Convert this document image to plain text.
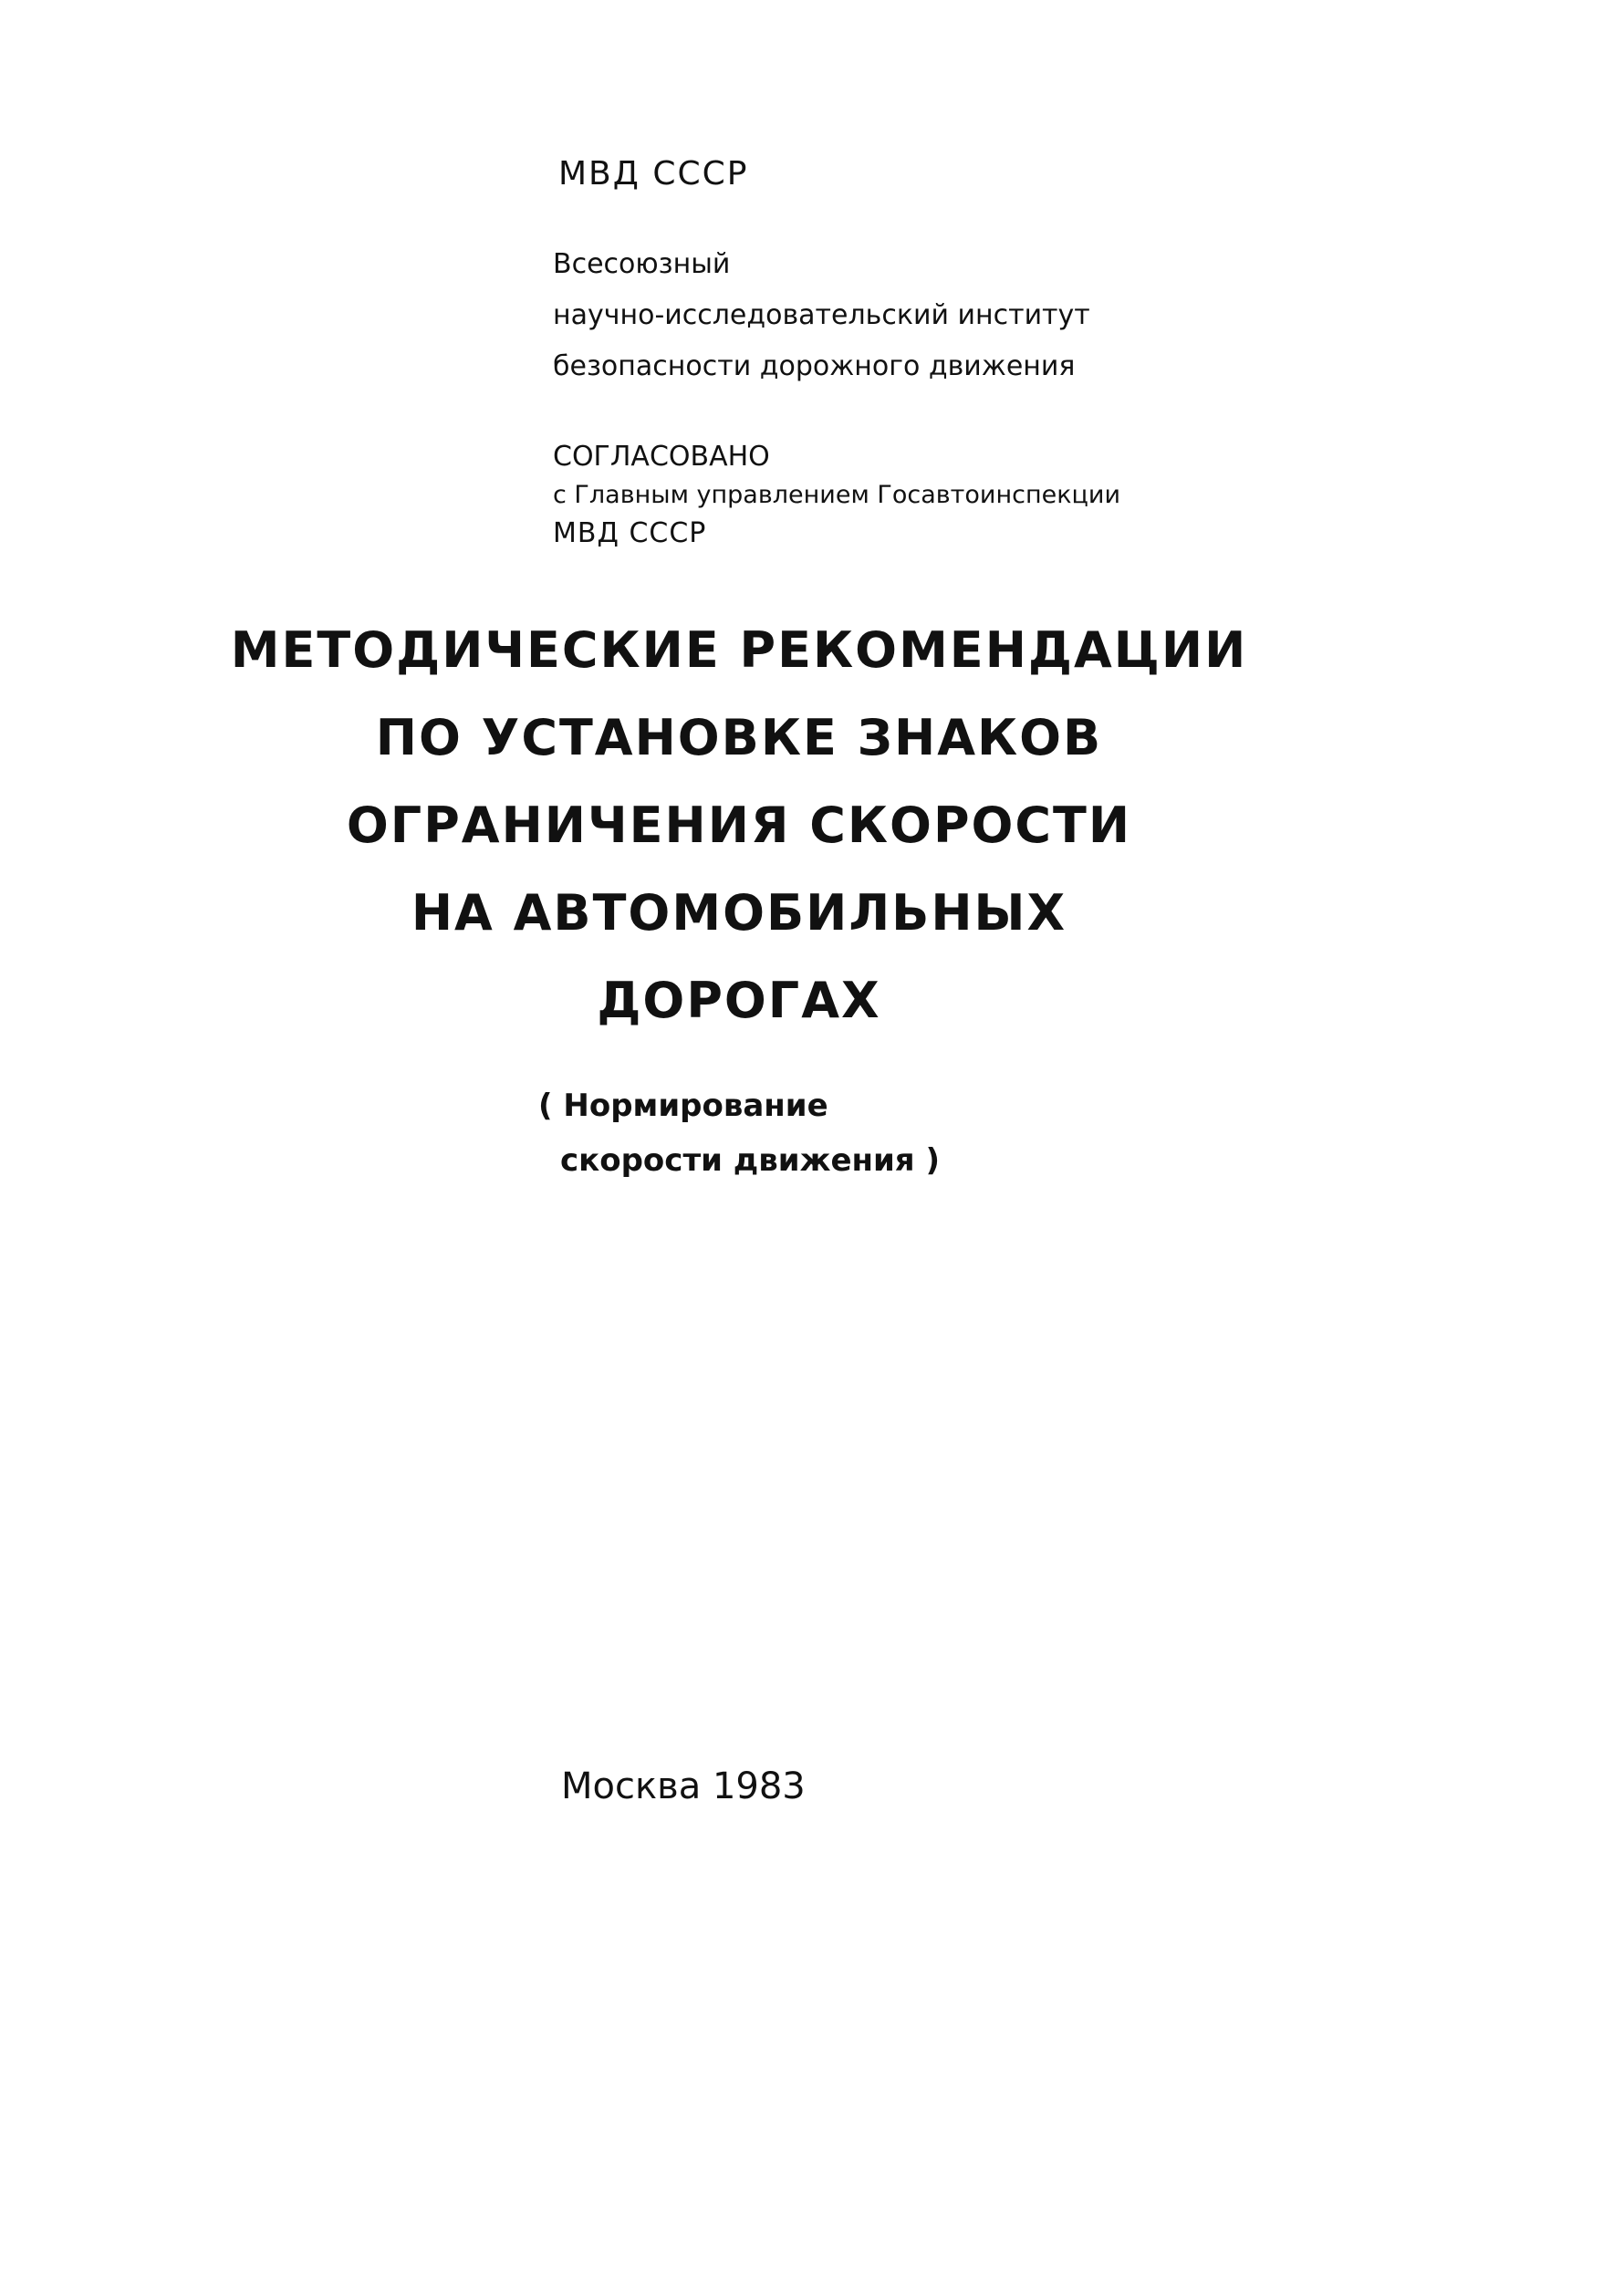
МВД СССР
Всесоюзный
научно-исследовательский институт
безопасности дорожного движения
СОГЛАСОВАНО
с Главным управлением Госавтоинспекции
МВД СССР
МЕТОДИЧЕСКИЕ РЕКОМЕНДАЦИИ
ПО УСТАНОВКЕ ЗНАКОВ
ОГРАНИЧЕНИЯ СКОРОСТИ
НА АВТОМОБИЛЬНЫХ
ДОРОГАХ
( Нормирование
скорости движения )
Москва 1983
